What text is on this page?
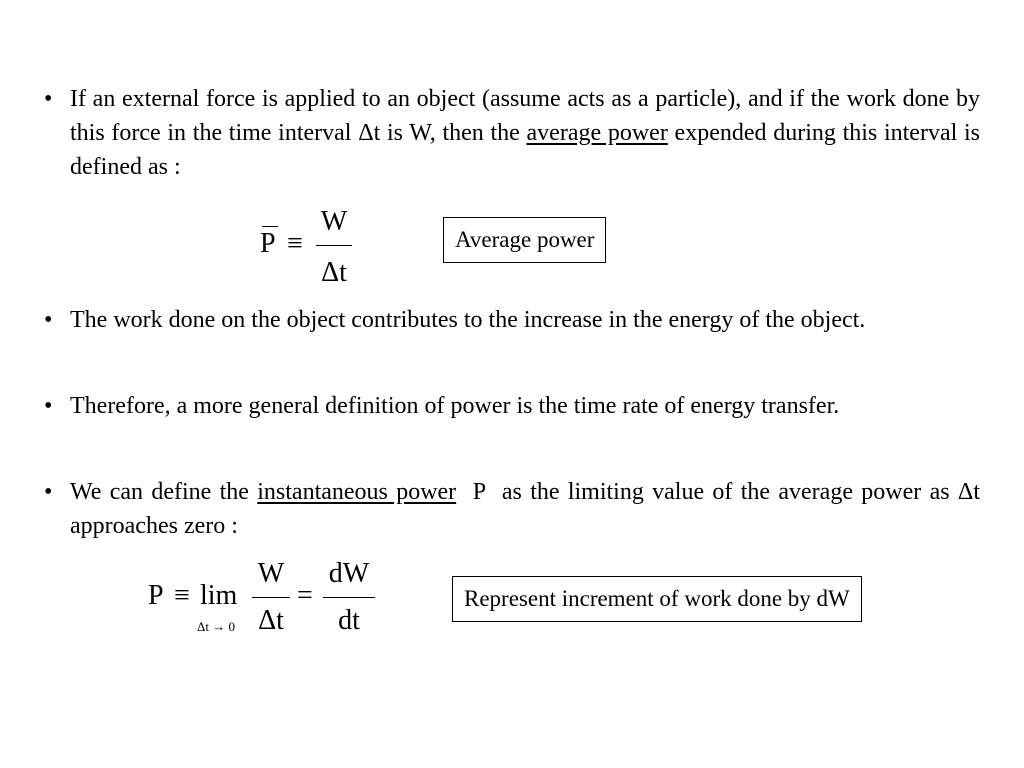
• If an external force is applied to an object (assume acts as a particle), and if the work done by this force in the time interval Δt is W, then the average power expended during this interval is defined as :
P ≡
W
Δt
Average power
• The work done on the object contributes to the increase in the energy of the object.
• Therefore, a more general definition of power is the time rate of energy transfer.
• We can define the instantaneous power  P  as the limiting value of the average power as Δt  approaches zero :
P ≡ lim
Δt → 0
W
Δt
=
dW
dt
Represent increment of work done by dW
